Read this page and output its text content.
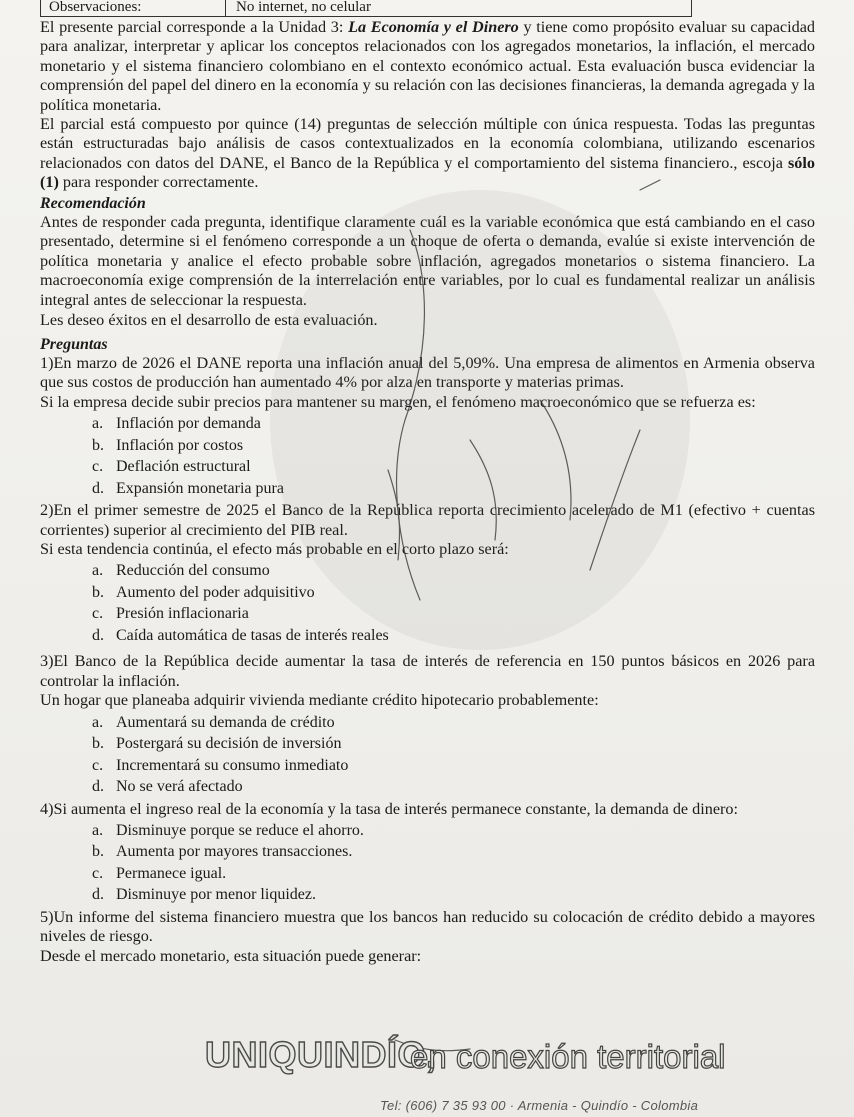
Observaciones:	No internet, no celular

El presente parcial corresponde a la Unidad 3: La Economía y el Dinero y tiene como propósito evaluar su capacidad para analizar, interpretar y aplicar los conceptos relacionados con los agregados monetarios, la inflación, el mercado monetario y el sistema financiero colombiano en el contexto económico actual. Esta evaluación busca evidenciar la comprensión del papel del dinero en la economía y su relación con las decisiones financieras, la demanda agregada y la política monetaria.

El parcial está compuesto por quince (14) preguntas de selección múltiple con única respuesta. Todas las preguntas están estructuradas bajo análisis de casos contextualizados en la economía colombiana, utilizando escenarios relacionados con datos del DANE, el Banco de la República y el comportamiento del sistema financiero., escoja sólo (1) para responder correctamente.

Recomendación

Antes de responder cada pregunta, identifique claramente cuál es la variable económica que está cambiando en el caso presentado, determine si el fenómeno corresponde a un choque de oferta o demanda, evalúe si existe intervención de política monetaria y analice el efecto probable sobre inflación, agregados monetarios o sistema financiero. La macroeconomía exige comprensión de la interrelación entre variables, por lo cual es fundamental realizar un análisis integral antes de seleccionar la respuesta.

Les deseo éxitos en el desarrollo de esta evaluación.

Preguntas

1)En marzo de 2026 el DANE reporta una inflación anual del 5,09%. Una empresa de alimentos en Armenia observa que sus costos de producción han aumentado 4% por alza en transporte y materias primas.

Si la empresa decide subir precios para mantener su margen, el fenómeno macroeconómico que se refuerza es:

a. Inflación por demanda
b. Inflación por costos
c. Deflación estructural
d. Expansión monetaria pura

2)En el primer semestre de 2025 el Banco de la República reporta crecimiento acelerado de M1 (efectivo + cuentas corrientes) superior al crecimiento del PIB real.

Si esta tendencia continúa, el efecto más probable en el corto plazo será:

a. Reducción del consumo
b. Aumento del poder adquisitivo
c. Presión inflacionaria
d. Caída automática de tasas de interés reales

3)El Banco de la República decide aumentar la tasa de interés de referencia en 150 puntos básicos en 2026 para controlar la inflación.

Un hogar que planeaba adquirir vivienda mediante crédito hipotecario probablemente:

a. Aumentará su demanda de crédito
b. Postergará su decisión de inversión
c. Incrementará su consumo inmediato
d. No se verá afectado

4)Si aumenta el ingreso real de la economía y la tasa de interés permanece constante, la demanda de dinero:

a. Disminuye porque se reduce el ahorro.
b. Aumenta por mayores transacciones.
c. Permanece igual.
d. Disminuye por menor liquidez.

5)Un informe del sistema financiero muestra que los bancos han reducido su colocación de crédito debido a mayores niveles de riesgo.

Desde el mercado monetario, esta situación puede generar:

UNIQUINDÍO,
en conexión territorial
Tel: (606) 7 35 93 00 · Armenia - Quindío - Colombia
